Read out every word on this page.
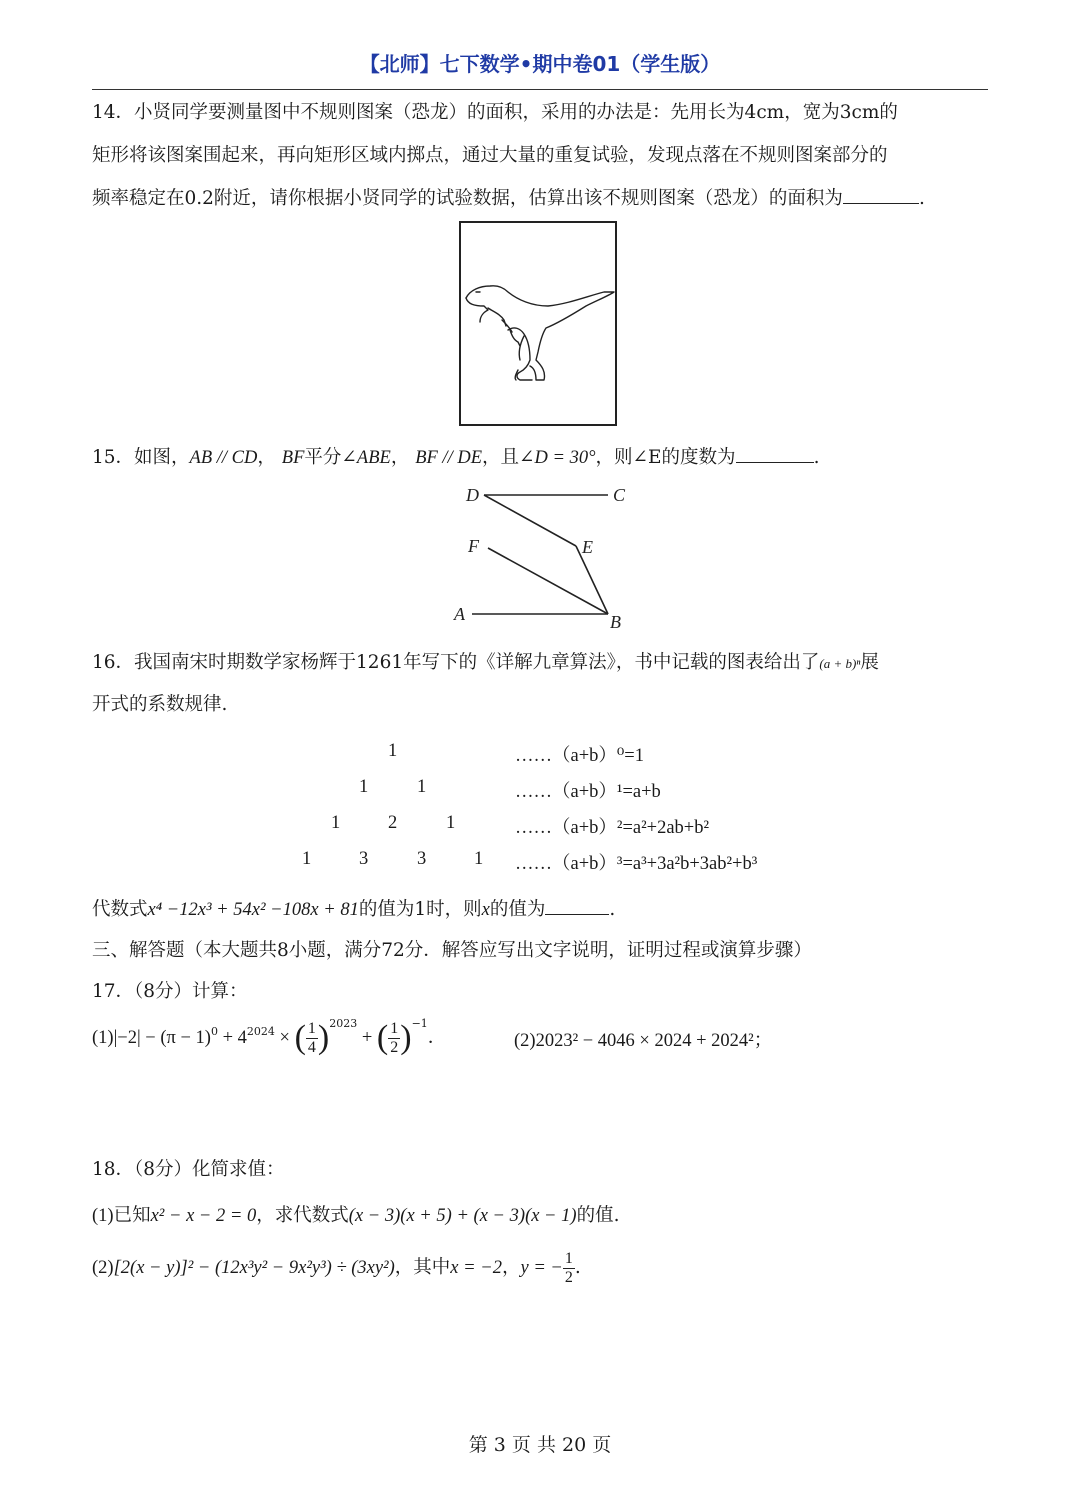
【北师】七下数学•期中卷01（学生版）
14．小贤同学要测量图中不规则图案（恐龙）的面积，采用的办法是：先用长为4cm，宽为3cm的
矩形将该图案围起来，再向矩形区域内掷点，通过大量的重复试验，发现点落在不规则图案部分的
频率稳定在0.2附近，请你根据小贤同学的试验数据，估算出该不规则图案（恐龙）的面积为	.
15．如图，AB // CD， BF平分∠ABE， BF // DE，且∠D = 30°，则∠E的度数为	.
D	C
F	E
A	B
16．我国南宋时期数学家杨辉于1261年写下的《详解九章算法》，书中记载的图表给出了(a + b)ⁿ展
开式的系数规律.
1
1	1
1	2	1
1	3	3	1
……（a+b）⁰=1
……（a+b）¹=a+b
……（a+b）²=a²+2ab+b²
……（a+b）³=a³+3a²b+3ab²+b³
代数式x⁴ −12x³ + 54x² −108x + 81的值为1时，则x的值为	.
三、解答题（本大题共8小题，满分72分．解答应写出文字说明，证明过程或演算步骤）
17．（8分）计算：
$(1)|-2| - (\pi - 1)^0 + 4^{2024}$ × ( $\frac{1}{4} )^{2023}$ + ( $\frac{1}{2} )^{-1}$．	(2)2023² − 4046 × 2024 + 2024²；
18．（8分）化简求值：
(1)已知x² − x − 2 = 0，求代数式(x − 3)(x + 5) + (x − 3)(x − 1)的值.
(2)[2(x − y)]² − (12x³y² − 9x²y³) ÷ (3xy²)，其中x = −2，y = − $\frac{1}{2}$ .
第 3 页 共 20 页
